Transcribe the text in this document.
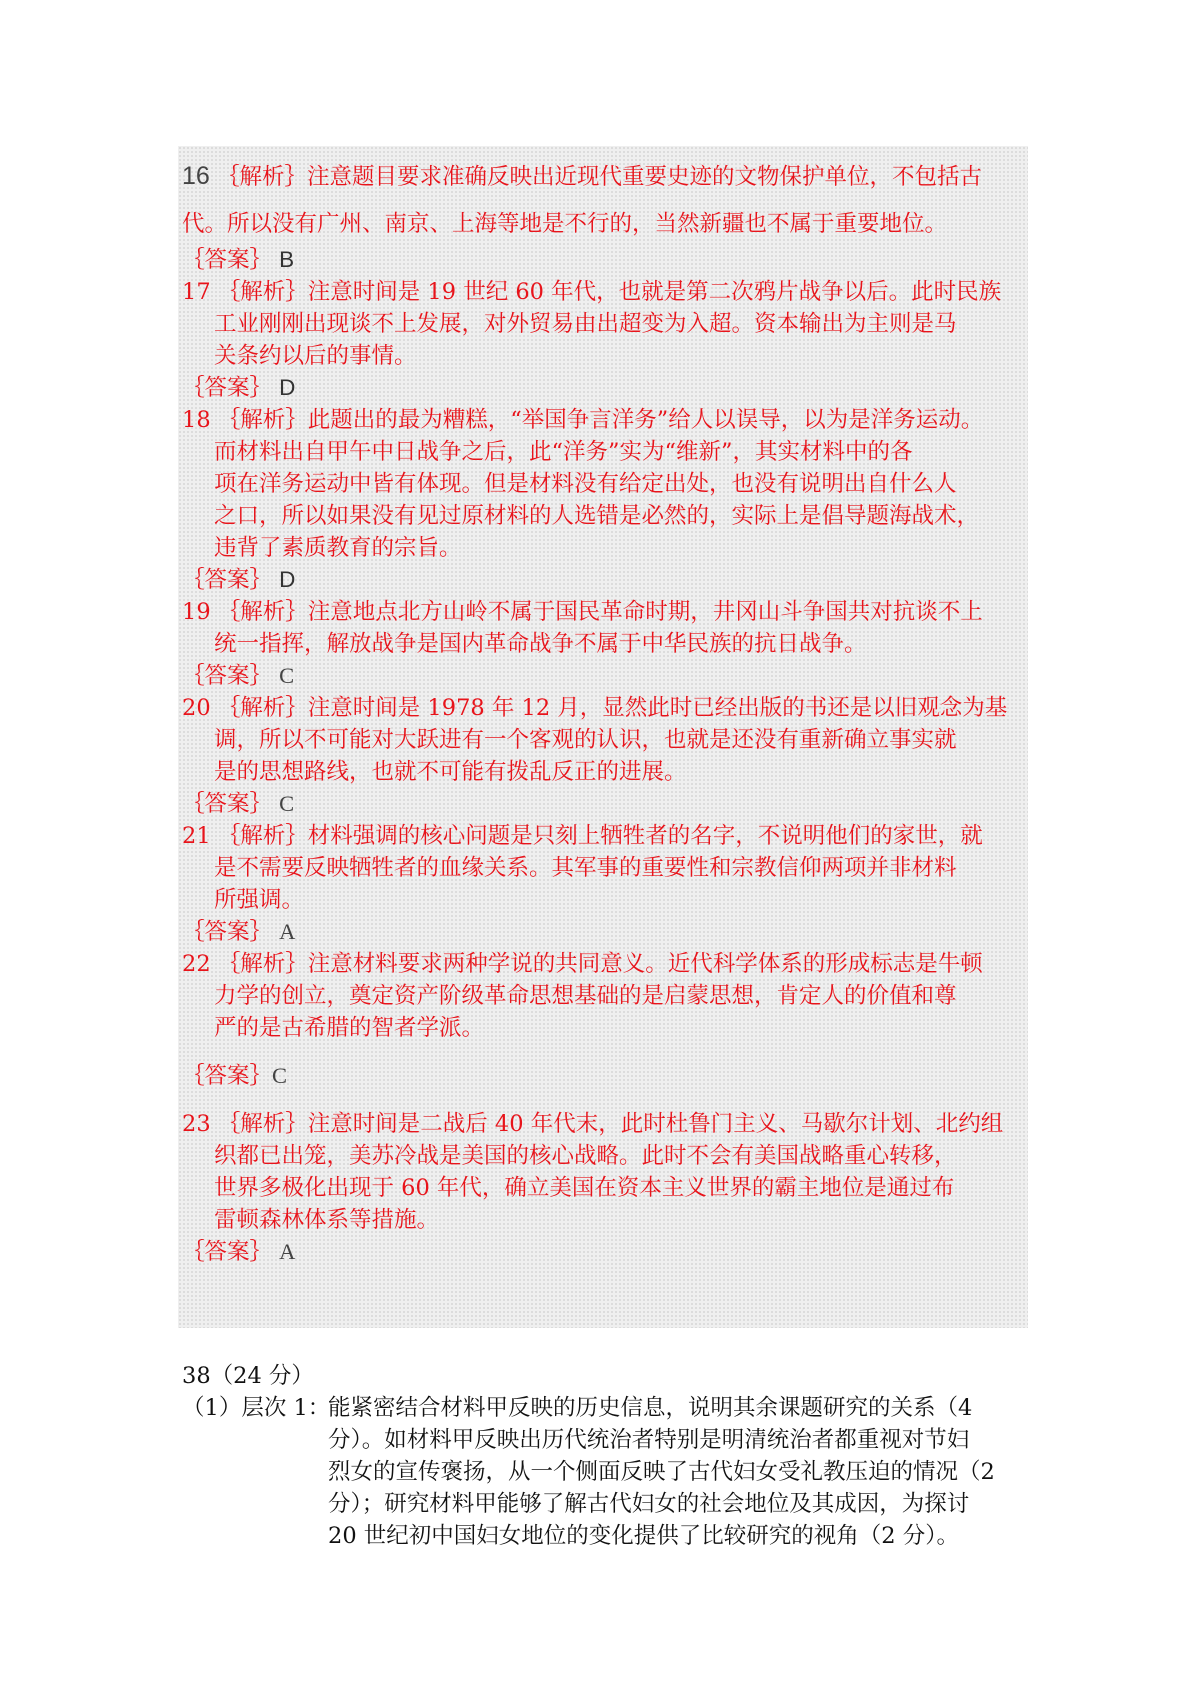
16 ｛解析｝注意题目要求准确反映出近现代重要史迹的文物保护单位，不包括古
代。所以没有广州、南京、上海等地是不行的，当然新疆也不属于重要地位。
｛答案｝ B
17 ｛解析｝注意时间是 19 世纪 60 年代，也就是第二次鸦片战争以后。此时民族
工业刚刚出现谈不上发展，对外贸易由出超变为入超。资本输出为主则是马
关条约以后的事情。
｛答案｝ D
18 ｛解析｝此题出的最为糟糕，“举国争言洋务”给人以误导，以为是洋务运动。
而材料出自甲午中日战争之后，此“洋务”实为“维新”，其实材料中的各
项在洋务运动中皆有体现。但是材料没有给定出处，也没有说明出自什么人
之口，所以如果没有见过原材料的人选错是必然的，实际上是倡导题海战术，
违背了素质教育的宗旨。
｛答案｝ D
19 ｛解析｝注意地点北方山岭不属于国民革命时期，井冈山斗争国共对抗谈不上
统一指挥，解放战争是国内革命战争不属于中华民族的抗日战争。
｛答案｝ C
20 ｛解析｝注意时间是 1978 年 12 月，显然此时已经出版的书还是以旧观念为基
调，所以不可能对大跃进有一个客观的认识，也就是还没有重新确立事实就
是的思想路线，也就不可能有拨乱反正的进展。
｛答案｝ C
21 ｛解析｝材料强调的核心问题是只刻上牺牲者的名字，不说明他们的家世，就
是不需要反映牺牲者的血缘关系。其军事的重要性和宗教信仰两项并非材料
所强调。
｛答案｝ A
22 ｛解析｝注意材料要求两种学说的共同意义。近代科学体系的形成标志是牛顿
力学的创立，奠定资产阶级革命思想基础的是启蒙思想，肯定人的价值和尊
严的是古希腊的智者学派。
｛答案｝C
23 ｛解析｝注意时间是二战后 40 年代末，此时杜鲁门主义、马歇尔计划、北约组
织都已出笼，美苏冷战是美国的核心战略。此时不会有美国战略重心转移，
世界多极化出现于 60 年代，确立美国在资本主义世界的霸主地位是通过布
雷顿森林体系等措施。
｛答案｝ A
38（24 分）
（1）层次 1：
能紧密结合材料甲反映的历史信息，说明其余课题研究的关系（4
分）。如材料甲反映出历代统治者特别是明清统治者都重视对节妇
烈女的宣传褒扬，从一个侧面反映了古代妇女受礼教压迫的情况（2
分）；研究材料甲能够了解古代妇女的社会地位及其成因，为探讨
20 世纪初中国妇女地位的变化提供了比较研究的视角（2 分）。
